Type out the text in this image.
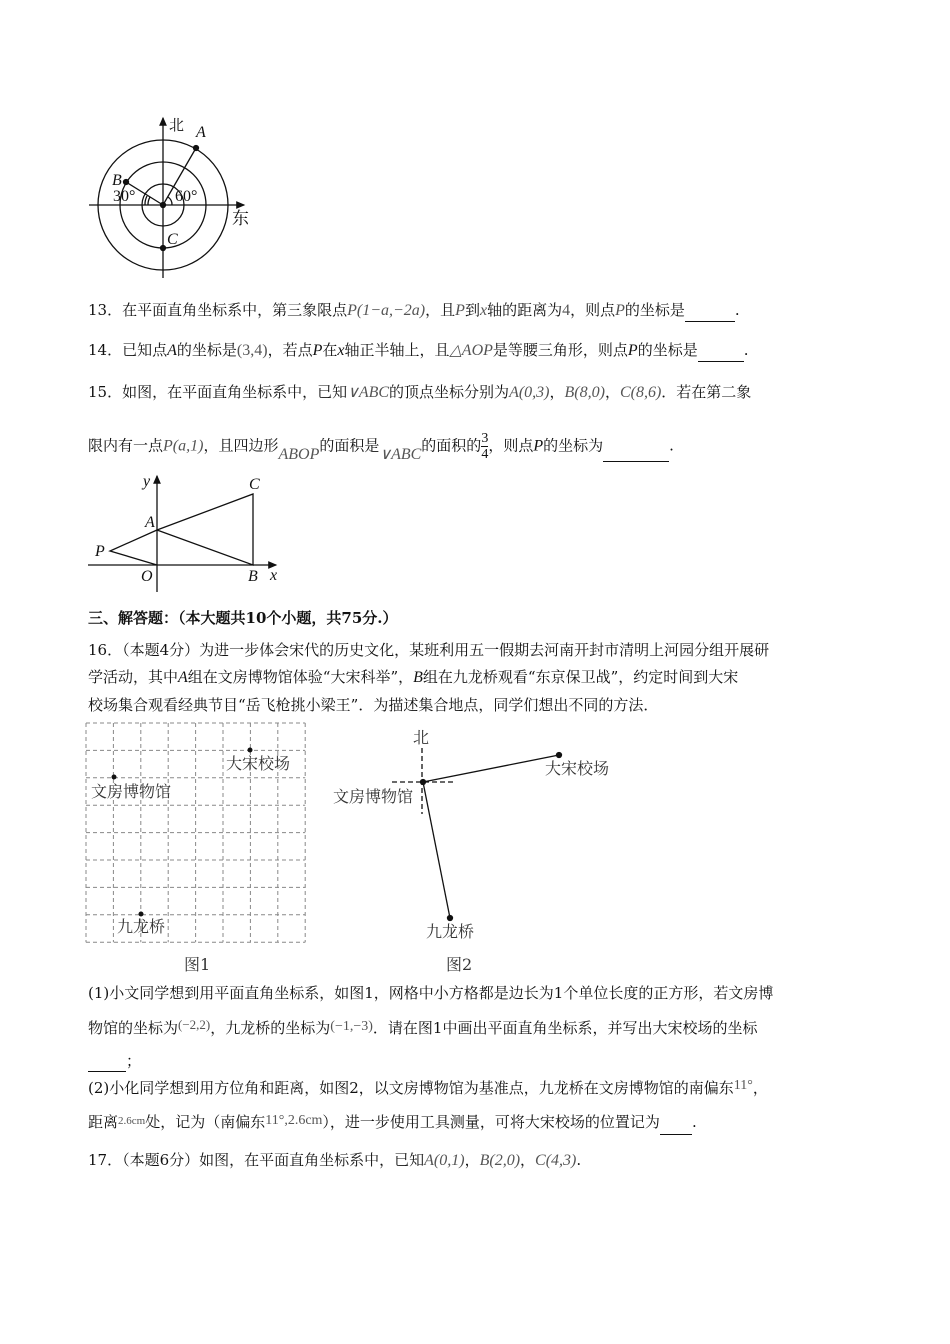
北
东
A
B
C
30° 60°
13．在平面直角坐标系中，第三象限点P(1−a,−2a)，且P到x轴的距离为4，则点P的坐标是	.
14．已知点A的坐标是(3,4)，若点P在x轴正半轴上，且△AOP是等腰三角形，则点P的坐标是	.
15．如图，在平面直角坐标系中，已知∨ABC的顶点坐标分别为A(0,3)，B(8,0)，C(8,6)．若在第二象
限内有一点P(a,1)，且四边形ABOP的面积是∨ABC的面积的 $\frac{3}{4}$ ，则点P的坐标为	.
y
x
A
B
C
O
P
三、解答题：（本大题共10个小题，共75分.）
16．（本题4分）为进一步体会宋代的历史文化，某班利用五一假期去河南开封市清明上河园分组开展研
学活动，其中A组在文房博物馆体验“大宋科举”，B组在九龙桥观看“东京保卫战”，约定时间到大宋
校场集合观看经典节目“岳飞枪挑小梁王”．为描述集合地点，同学们想出不同的方法．
大宋校场
文房博物馆
九龙桥
图1
北
文房博物馆
大宋校场
九龙桥
图2
(1)小文同学想到用平面直角坐标系，如图1，网格中小方格都是边长为1个单位长度的正方形，若文房博
物馆的坐标为(−2,2)，九龙桥的坐标为(−1,−3)．请在图1中画出平面直角坐标系，并写出大宋校场的坐标
；
(2)小化同学想到用方位角和距离，如图2，以文房博物馆为基准点，九龙桥在文房博物馆的南偏东11°，
距离$^{2.6cm}$处，记为（南偏东11°,2.6cm），进一步使用工具测量，可将大宋校场的位置记为 .
17．（本题6分）如图，在平面直角坐标系中，已知A(0,1)，B(2,0)，C(4,3).
